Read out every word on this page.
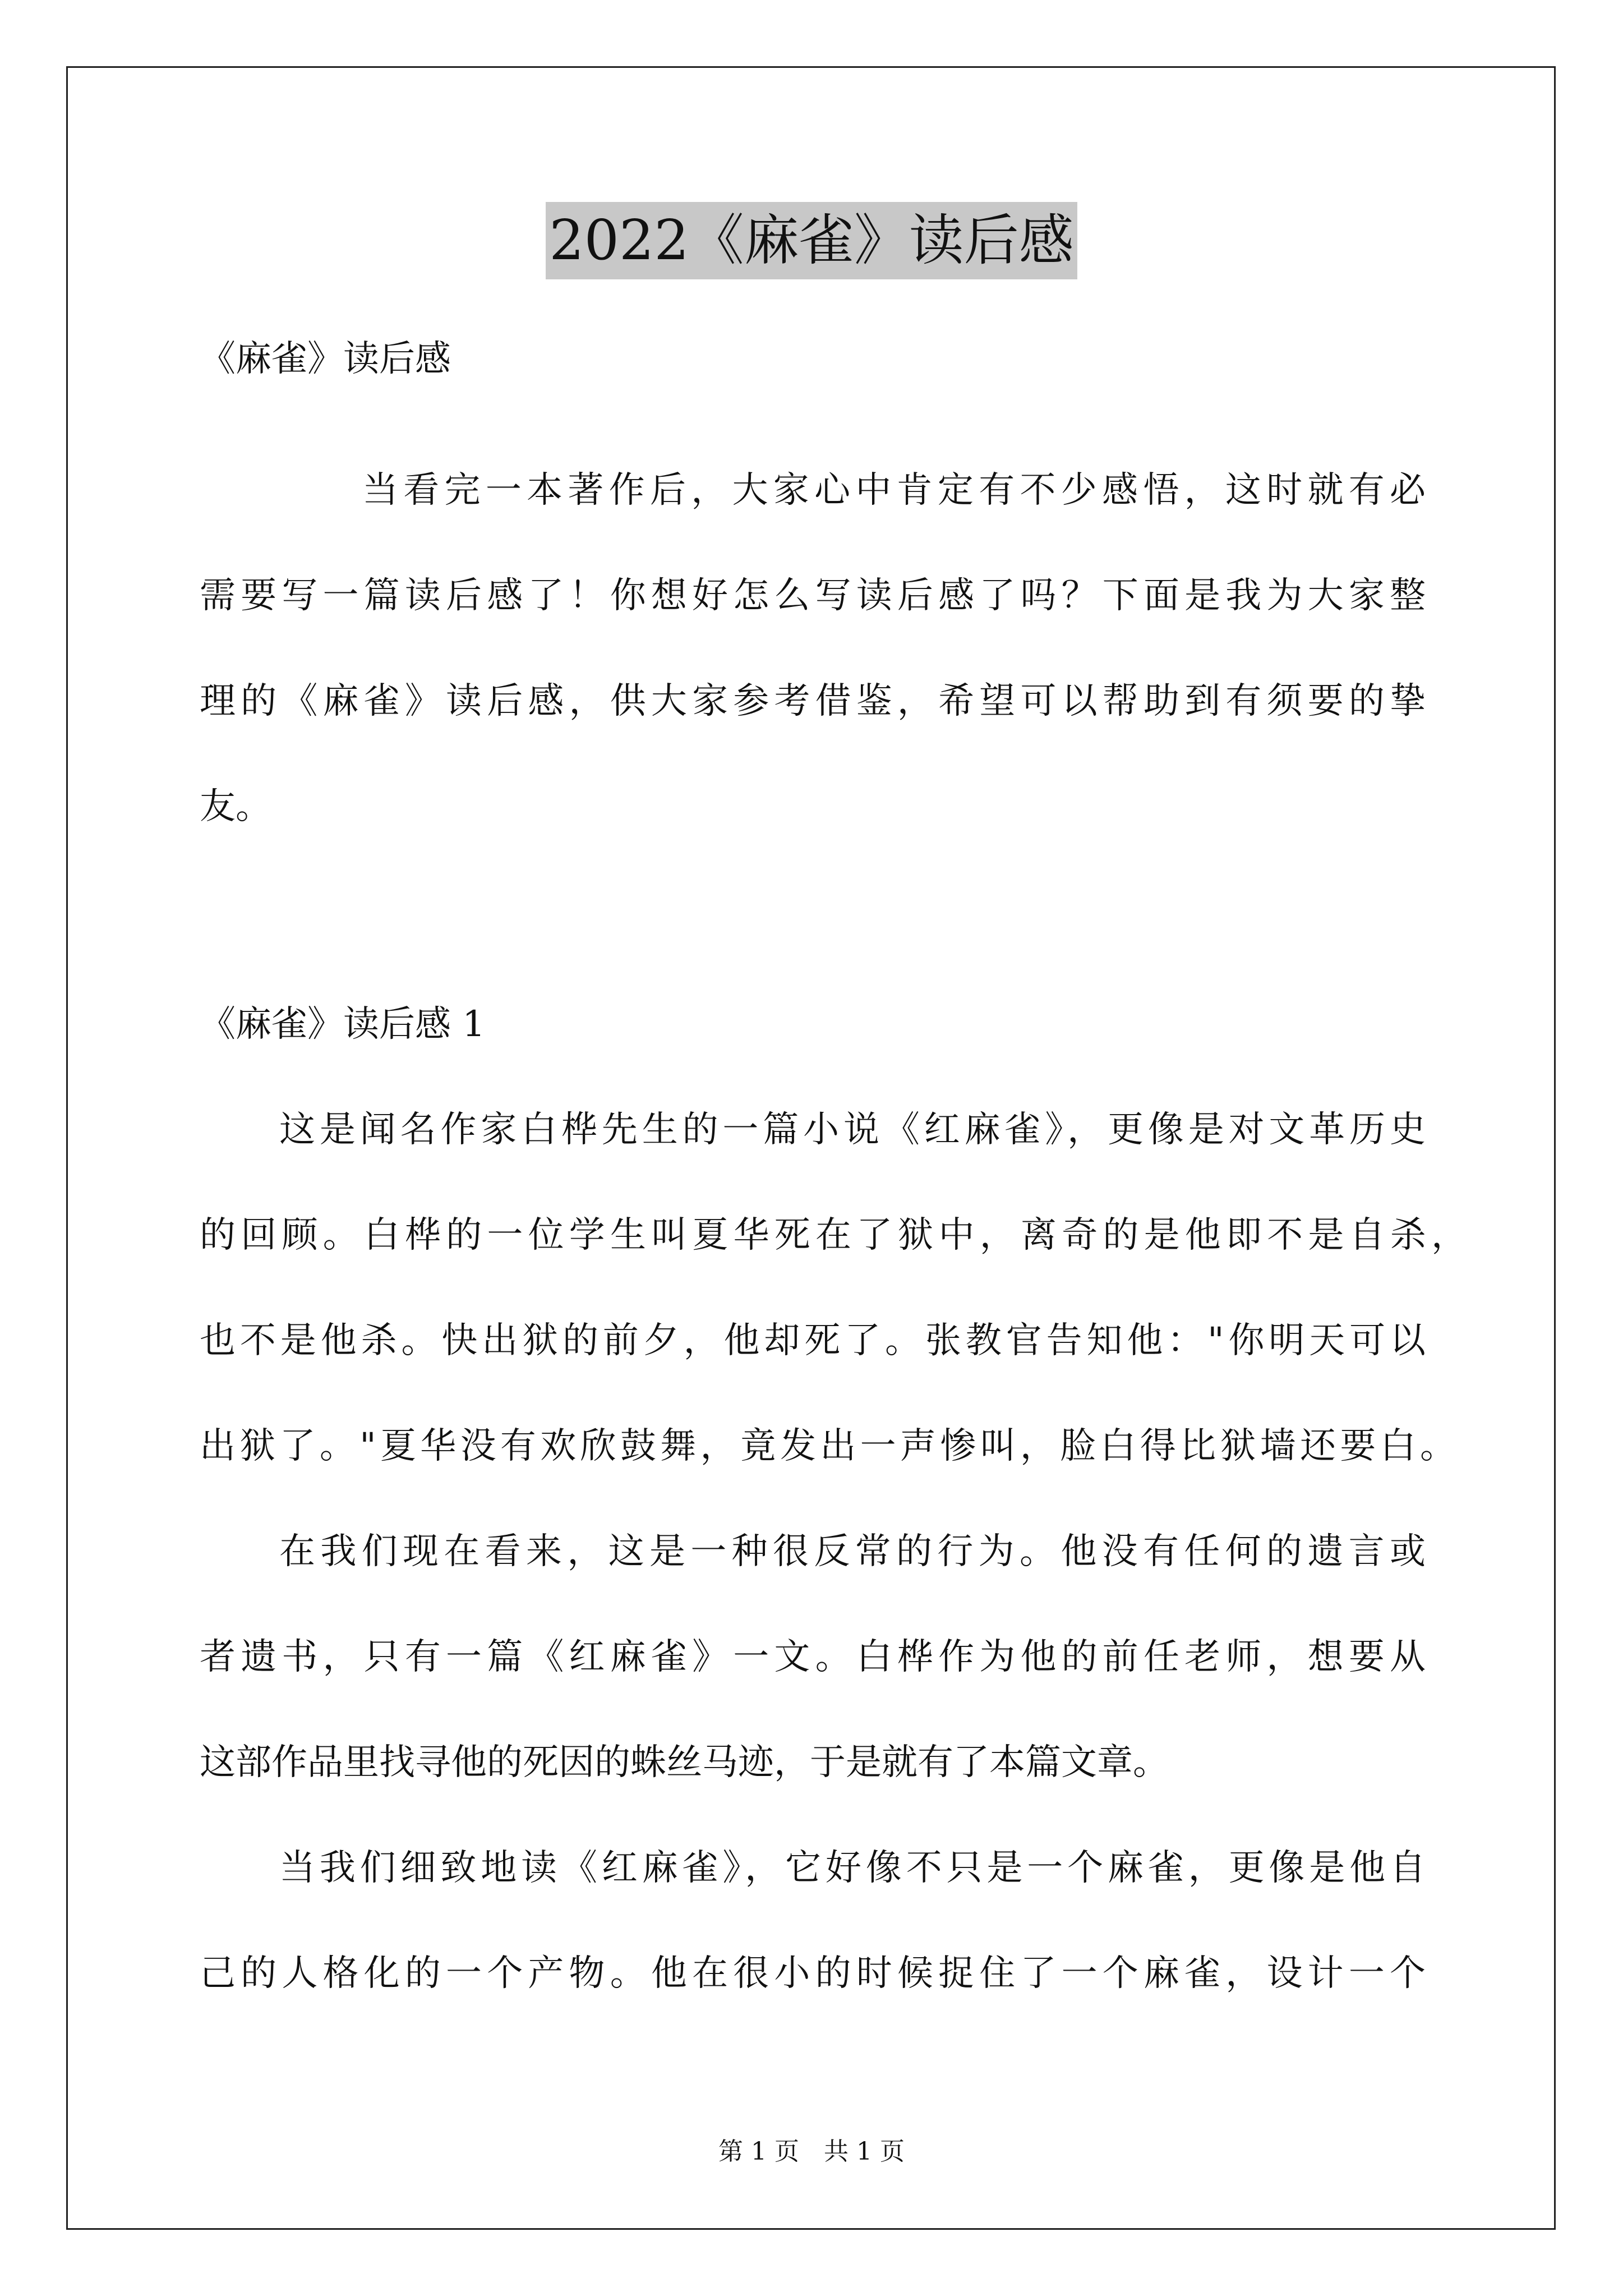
2022《麻雀》读后感
《麻雀》读后感
当看完一本著作后，大家心中肯定有不少感悟，这时就有必
需要写一篇读后感了！你想好怎么写读后感了吗？下面是我为大家整
理的《麻雀》读后感，供大家参考借鉴，希望可以帮助到有须要的挚
友。
《麻雀》读后感 1
这是闻名作家白桦先生的一篇小说《红麻雀》，更像是对文革历史
的回顾。白桦的一位学生叫夏华死在了狱中，离奇的是他即不是自杀，
也不是他杀。快出狱的前夕，他却死了。张教官告知他："你明天可以
出狱了。"夏华没有欢欣鼓舞，竟发出一声惨叫，脸白得比狱墙还要白。
在我们现在看来，这是一种很反常的行为。他没有任何的遗言或
者遗书，只有一篇《红麻雀》一文。白桦作为他的前任老师，想要从
这部作品里找寻他的死因的蛛丝马迹，于是就有了本篇文章。
当我们细致地读《红麻雀》，它好像不只是一个麻雀，更像是他自
己的人格化的一个产物。他在很小的时候捉住了一个麻雀，设计一个
第 1 页　共 1 页
